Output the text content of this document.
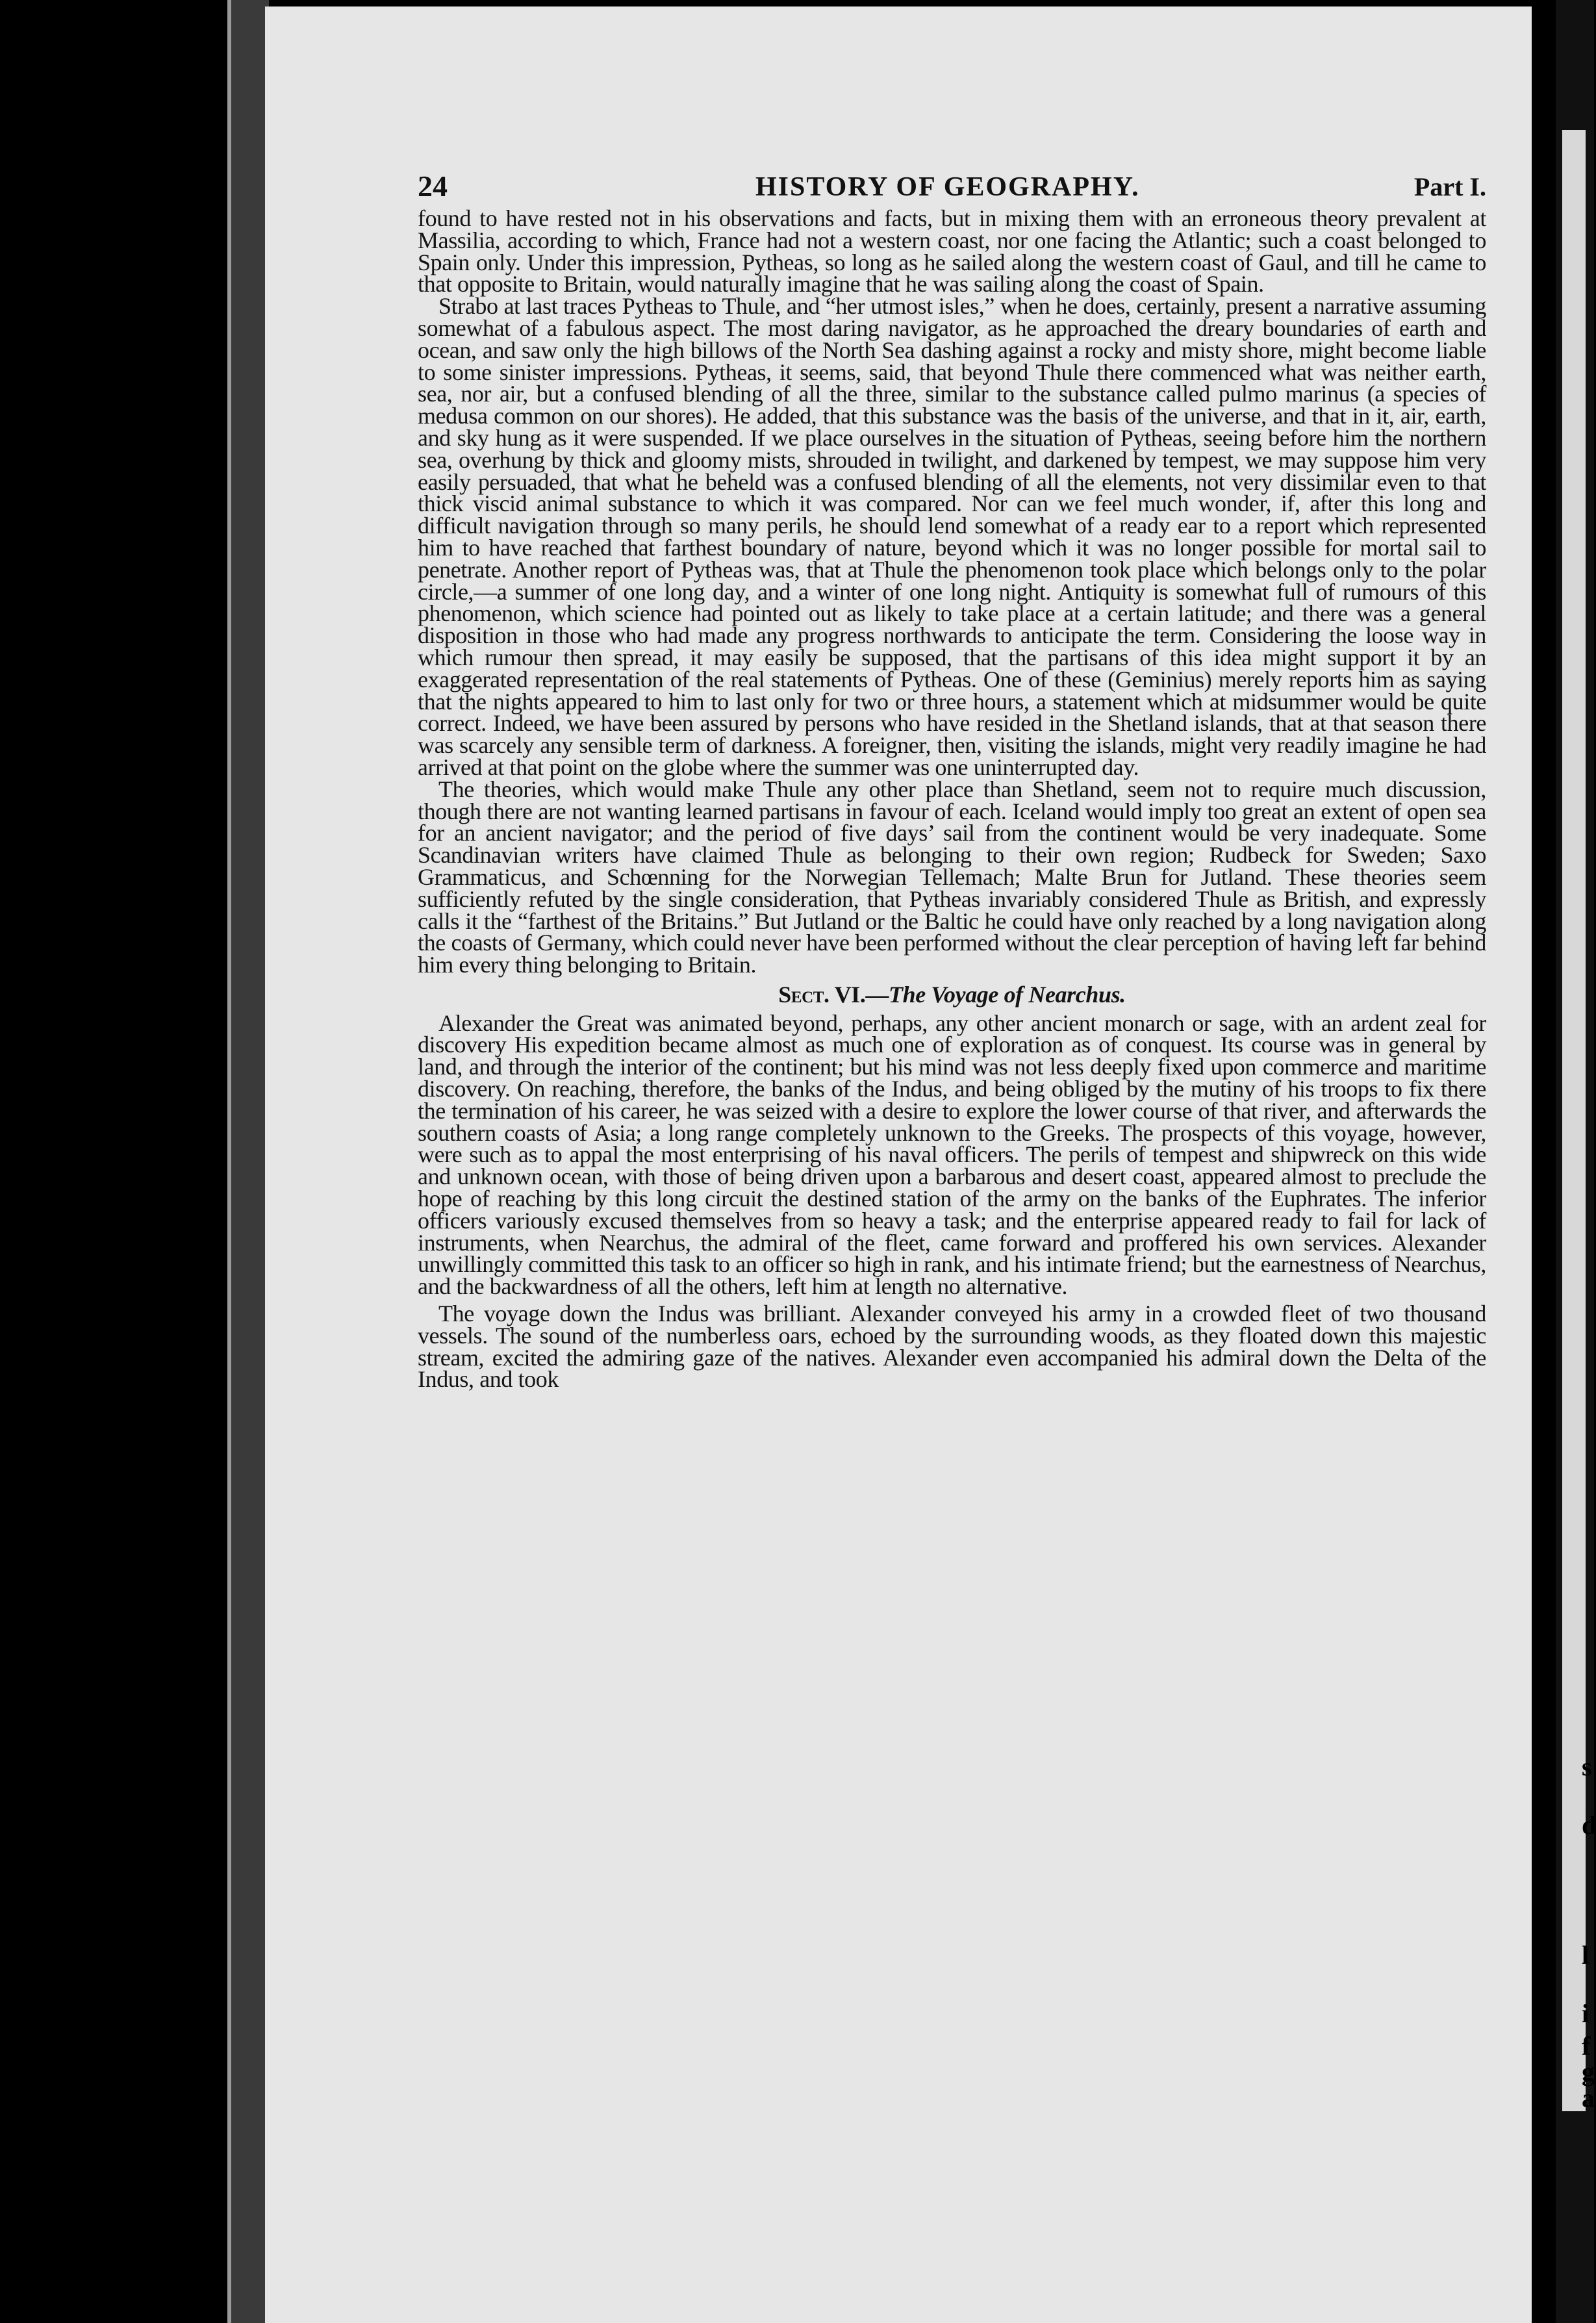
24	HISTORY OF GEOGRAPHY.	Part I.

found to have rested not in his observations and facts, but in mixing them with an erroneous theory prevalent at Massilia, according to which, France had not a western coast, nor one facing the Atlantic; such a coast belonged to Spain only. Under this impression, Pytheas, so long as he sailed along the western coast of Gaul, and till he came to that opposite to Britain, would naturally imagine that he was sailing along the coast of Spain.

Strabo at last traces Pytheas to Thule, and “her utmost isles,” when he does, certainly, present a narrative assuming somewhat of a fabulous aspect. The most daring navigator, as he approached the dreary boundaries of earth and ocean, and saw only the high billows of the North Sea dashing against a rocky and misty shore, might become liable to some sinister impressions. Pytheas, it seems, said, that beyond Thule there commenced what was neither earth, sea, nor air, but a confused blending of all the three, similar to the substance called pulmo marinus (a species of medusa common on our shores). He added, that this substance was the basis of the universe, and that in it, air, earth, and sky hung as it were suspended. If we place ourselves in the situation of Pytheas, seeing before him the northern sea, overhung by thick and gloomy mists, shrouded in twilight, and darkened by tempest, we may suppose him very easily persuaded, that what he beheld was a confused blending of all the elements, not very dissimilar even to that thick viscid animal substance to which it was compared. Nor can we feel much wonder, if, after this long and difficult navigation through so many perils, he should lend somewhat of a ready ear to a report which represented him to have reached that farthest boundary of nature, beyond which it was no longer possible for mortal sail to penetrate. Another report of Pytheas was, that at Thule the phenomenon took place which belongs only to the polar circle,—a summer of one long day, and a winter of one long night. Antiquity is somewhat full of rumours of this phenomenon, which science had pointed out as likely to take place at a certain latitude; and there was a general disposition in those who had made any progress northwards to anticipate the term. Considering the loose way in which rumour then spread, it may easily be supposed, that the partisans of this idea might support it by an exaggerated representation of the real statements of Pytheas. One of these (Geminius) merely reports him as saying that the nights appeared to him to last only for two or three hours, a statement which at midsummer would be quite correct. Indeed, we have been assured by persons who have resided in the Shetland islands, that at that season there was scarcely any sensible term of darkness. A foreigner, then, visiting the islands, might very readily imagine he had arrived at that point on the globe where the summer was one uninterrupted day.

The theories, which would make Thule any other place than Shetland, seem not to require much discussion, though there are not wanting learned partisans in favour of each. Iceland would imply too great an extent of open sea for an ancient navigator; and the period of five days’ sail from the continent would be very inadequate. Some Scandinavian writers have claimed Thule as belonging to their own region; Rudbeck for Sweden; Saxo Grammaticus, and Schœnning for the Norwegian Tellemach; Malte Brun for Jutland. These theories seem sufficiently refuted by the single consideration, that Pytheas invariably considered Thule as British, and expressly calls it the “farthest of the Britains.” But Jutland or the Baltic he could have only reached by a long navigation along the coasts of Germany, which could never have been performed without the clear perception of having left far behind him every thing belonging to Britain.

Sect. VI.—The Voyage of Nearchus.

Alexander the Great was animated beyond, perhaps, any other ancient monarch or sage, with an ardent zeal for discovery His expedition became almost as much one of exploration as of conquest. Its course was in general by land, and through the interior of the continent; but his mind was not less deeply fixed upon commerce and maritime discovery. On reaching, therefore, the banks of the Indus, and being obliged by the mutiny of his troops to fix there the termination of his career, he was seized with a desire to explore the lower course of that river, and afterwards the southern coasts of Asia; a long range completely unknown to the Greeks. The prospects of this voyage, however, were such as to appal the most enterprising of his naval officers. The perils of tempest and shipwreck on this wide and unknown ocean, with those of being driven upon a barbarous and desert coast, appeared almost to preclude the hope of reaching by this long circuit the destined station of the army on the banks of the Euphrates. The inferior officers variously excused themselves from so heavy a task; and the enterprise appeared ready to fail for lack of instruments, when Nearchus, the admiral of the fleet, came forward and proffered his own services. Alexander unwillingly committed this task to an officer so high in rank, and his intimate friend; but the earnestness of Nearchus, and the backwardness of all the others, left him at length no alternative.

The voyage down the Indus was brilliant. Alexander conveyed his army in a crowded fleet of two thousand vessels. The sound of the numberless oars, echoed by the surrounding woods, as they floated down this majestic stream, excited the admiring gaze of the natives. Alexander even accompanied his admiral down the Delta of the Indus, and took

s
d
l
i
f
g
a
